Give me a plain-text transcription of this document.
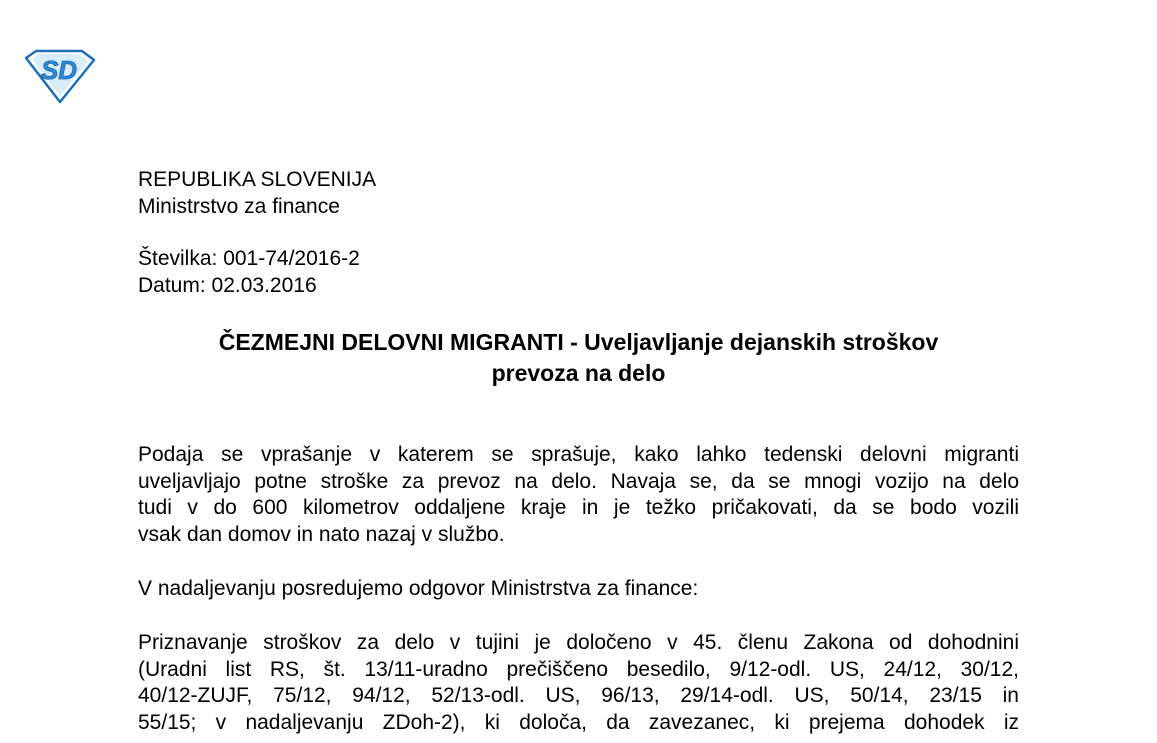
SD
REPUBLIKA SLOVENIJA
Ministrstvo za finance
Številka: 001-74/2016-2
Datum: 02.03.2016
ČEZMEJNI DELOVNI MIGRANTI - Uveljavljanje dejanskih stroškov
prevoza na delo

Podaja se vprašanje v katerem se sprašuje, kako lahko tedenski delovni migranti
uveljavljajo potne stroške za prevoz na delo. Navaja se, da se mnogi vozijo na delo
tudi v do 600 kilometrov oddaljene kraje in je težko pričakovati, da se bodo vozili
vsak dan domov in nato nazaj v službo.

V nadaljevanju posredujemo odgovor Ministrstva za finance:

Priznavanje stroškov za delo v tujini je določeno v 45. členu Zakona od dohodnini
(Uradni list RS, št. 13/11-uradno prečiščeno besedilo, 9/12-odl. US, 24/12, 30/12,
40/12-ZUJF, 75/12, 94/12, 52/13-odl. US, 96/13, 29/14-odl. US, 50/14, 23/15 in
55/15; v nadaljevanju ZDoh-2), ki določa, da zavezanec, ki prejema dohodek iz
